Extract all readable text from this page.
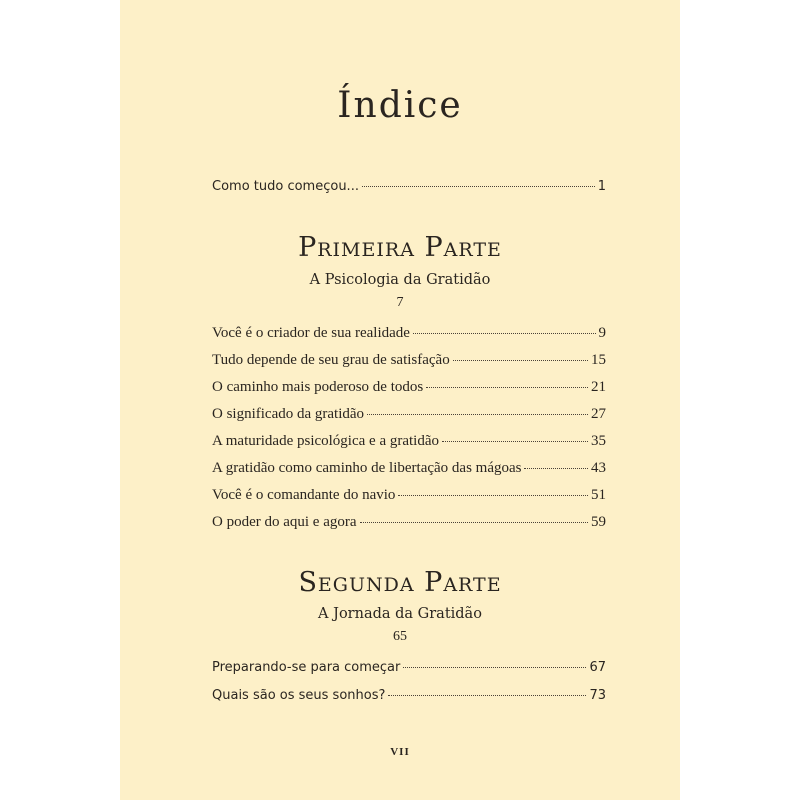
Índice
Como tudo começou...	1
Primeira Parte
A Psicologia da Gratidão
7
Você é o criador de sua realidade	9
Tudo depende de seu grau de satisfação	15
O caminho mais poderoso de todos	21
O significado da gratidão	27
A maturidade psicológica e a gratidão	35
A gratidão como caminho de libertação das mágoas	43
Você é o comandante do navio	51
O poder do aqui e agora	59
Segunda Parte
A Jornada da Gratidão
65
Preparando-se para começar	67
Quais são os seus sonhos?	73
VII
